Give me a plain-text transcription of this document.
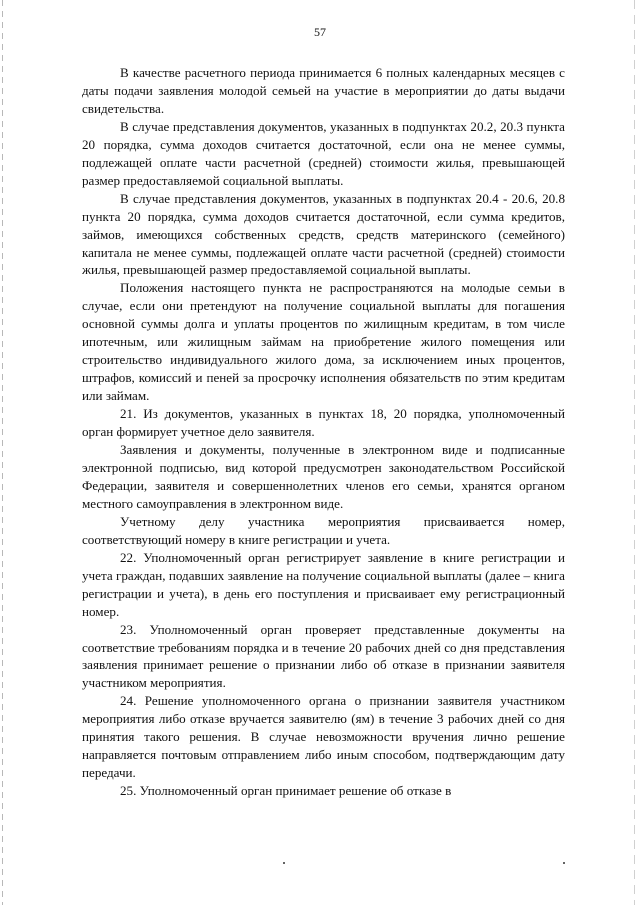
57

В качестве расчетного периода принимается 6 полных календарных месяцев с даты подачи заявления молодой семьей на участие в мероприятии до даты выдачи свидетельства.

В случае представления документов, указанных в подпунктах 20.2, 20.3 пункта 20 порядка, сумма доходов считается достаточной, если она не менее суммы, подлежащей оплате части расчетной (средней) стоимости жилья, превышающей размер предоставляемой социальной выплаты.

В случае представления документов, указанных в подпунктах 20.4 - 20.6, 20.8 пункта 20 порядка, сумма доходов считается достаточной, если сумма кредитов, займов, имеющихся собственных средств, средств материнского (семейного) капитала не менее суммы, подлежащей оплате части расчетной (средней) стоимости жилья, превышающей размер предоставляемой социальной выплаты.

Положения настоящего пункта не распространяются на молодые семьи в случае, если они претендуют на получение социальной выплаты для погашения основной суммы долга и уплаты процентов по жилищным кредитам, в том числе ипотечным, или жилищным займам на приобретение жилого помещения или строительство индивидуального жилого дома, за исключением иных процентов, штрафов, комиссий и пеней за просрочку исполнения обязательств по этим кредитам или займам.

21. Из документов, указанных в пунктах 18, 20 порядка, уполномоченный орган формирует учетное дело заявителя.

Заявления и документы, полученные в электронном виде и подписанные электронной подписью, вид которой предусмотрен законодательством Российской Федерации, заявителя и совершеннолетних членов его семьи, хранятся органом местного самоуправления в электронном виде.

Учетному делу участника мероприятия присваивается номер, соответствующий номеру в книге регистрации и учета.

22. Уполномоченный орган регистрирует заявление в книге регистрации и учета граждан, подавших заявление на получение социальной выплаты (далее – книга регистрации и учета), в день его поступления и присваивает ему регистрационный номер.

23. Уполномоченный орган проверяет представленные документы на соответствие требованиям порядка и в течение 20 рабочих дней со дня представления заявления принимает решение о признании либо об отказе в признании заявителя участником мероприятия.

24. Решение уполномоченного органа о признании заявителя участником мероприятия либо отказе вручается заявителю (ям) в течение 3 рабочих дней со дня принятия такого решения. В случае невозможности вручения лично решение направляется почтовым отправлением либо иным способом, подтверждающим дату передачи.

25. Уполномоченный орган принимает решение об отказе в
